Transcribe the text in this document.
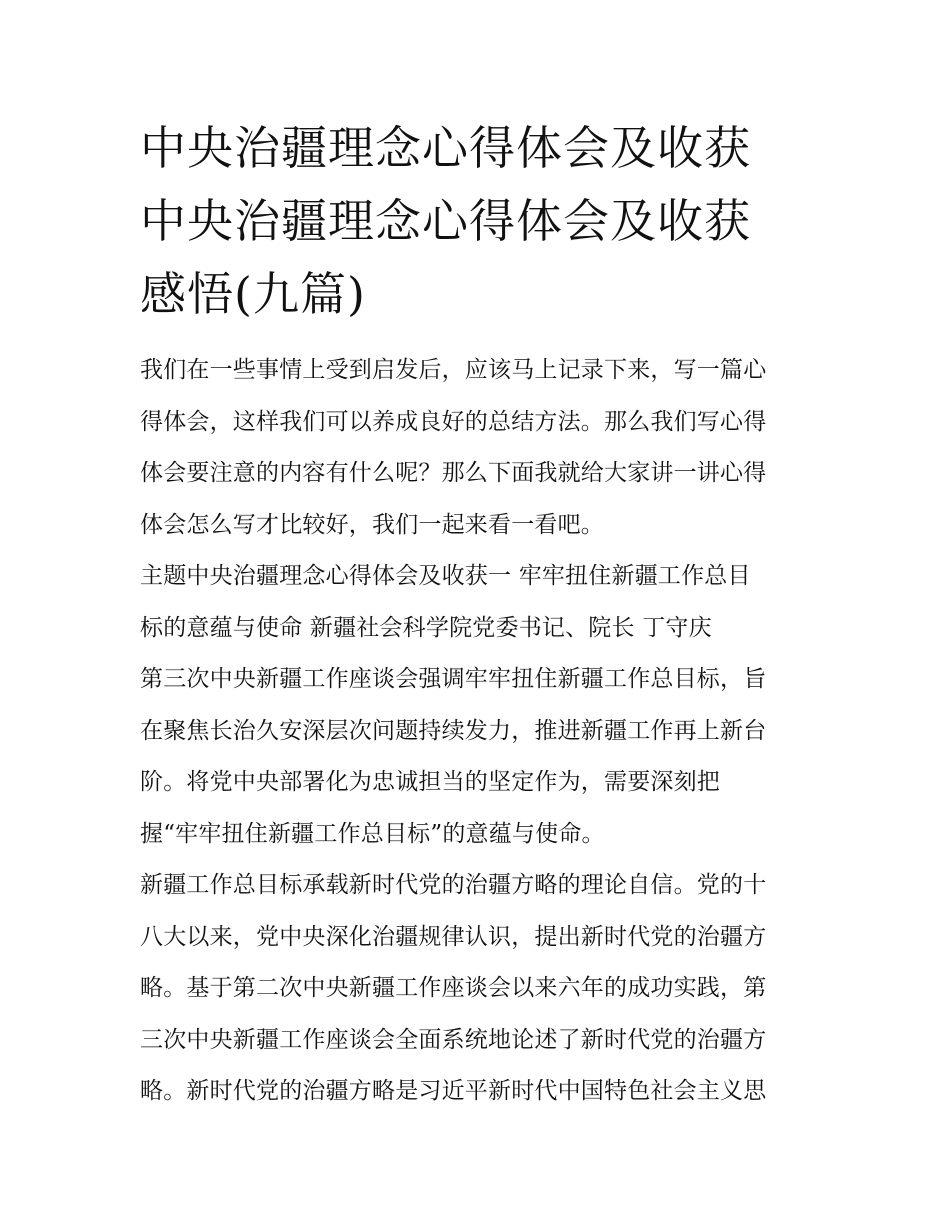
中央治疆理念心得体会及收获
中央治疆理念心得体会及收获
感悟(九篇)

我们在一些事情上受到启发后，应该马上记录下来，写一篇心
得体会，这样我们可以养成良好的总结方法。那么我们写心得
体会要注意的内容有什么呢？那么下面我就给大家讲一讲心得
体会怎么写才比较好，我们一起来看一看吧。

主题中央治疆理念心得体会及收获一 牢牢扭住新疆工作总目
标的意蕴与使命 新疆社会科学院党委书记、院长 丁守庆

第三次中央新疆工作座谈会强调牢牢扭住新疆工作总目标，旨
在聚焦长治久安深层次问题持续发力，推进新疆工作再上新台
阶。将党中央部署化为忠诚担当的坚定作为，需要深刻把
握“牢牢扭住新疆工作总目标”的意蕴与使命。

新疆工作总目标承载新时代党的治疆方略的理论自信。党的十
八大以来，党中央深化治疆规律认识，提出新时代党的治疆方
略。基于第二次中央新疆工作座谈会以来六年的成功实践，第
三次中央新疆工作座谈会全面系统地论述了新时代党的治疆方
略。新时代党的治疆方略是习近平新时代中国特色社会主义思
